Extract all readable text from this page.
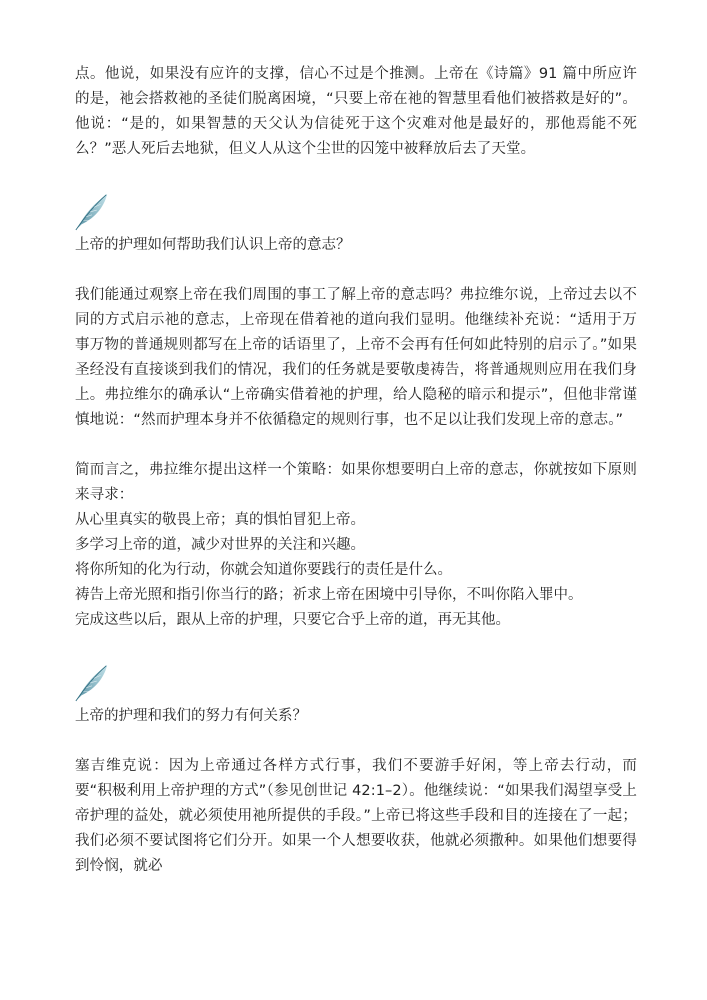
点。他说，如果没有应许的支撑，信心不过是个推测。上帝在《诗篇》91 篇中所应许的是，祂会搭救祂的圣徒们脱离困境，“只要上帝在祂的智慧里看他们被搭救是好的”。他说：“是的，如果智慧的天父认为信徒死于这个灾难对他是最好的，那他焉能不死么？”恶人死后去地狱，但义人从这个尘世的囚笼中被释放后去了天堂。

上帝的护理如何帮助我们认识上帝的意志？

我们能通过观察上帝在我们周围的事工了解上帝的意志吗？弗拉维尔说，上帝过去以不同的方式启示祂的意志，上帝现在借着祂的道向我们显明。他继续补充说：“适用于万事万物的普通规则都写在上帝的话语里了，上帝不会再有任何如此特别的启示了。”如果圣经没有直接谈到我们的情况，我们的任务就是要敬虔祷告，将普通规则应用在我们身上。弗拉维尔的确承认“上帝确实借着祂的护理，给人隐秘的暗示和提示”，但他非常谨慎地说：“然而护理本身并不依循稳定的规则行事，也不足以让我们发现上帝的意志。”

简而言之，弗拉维尔提出这样一个策略：如果你想要明白上帝的意志，你就按如下原则来寻求：

从心里真实的敬畏上帝；真的惧怕冒犯上帝。

多学习上帝的道，减少对世界的关注和兴趣。

将你所知的化为行动，你就会知道你要践行的责任是什么。

祷告上帝光照和指引你当行的路；祈求上帝在困境中引导你，不叫你陷入罪中。

完成这些以后，跟从上帝的护理，只要它合乎上帝的道，再无其他。

上帝的护理和我们的努力有何关系？

塞吉维克说：因为上帝通过各样方式行事，我们不要游手好闲，等上帝去行动，而要“积极利用上帝护理的方式”（参见创世记 42:1–2）。他继续说：“如果我们渴望享受上帝护理的益处，就必须使用祂所提供的手段。”上帝已将这些手段和目的连接在了一起；我们必须不要试图将它们分开。如果一个人想要收获，他就必须撒种。如果他们想要得到怜悯，就必
